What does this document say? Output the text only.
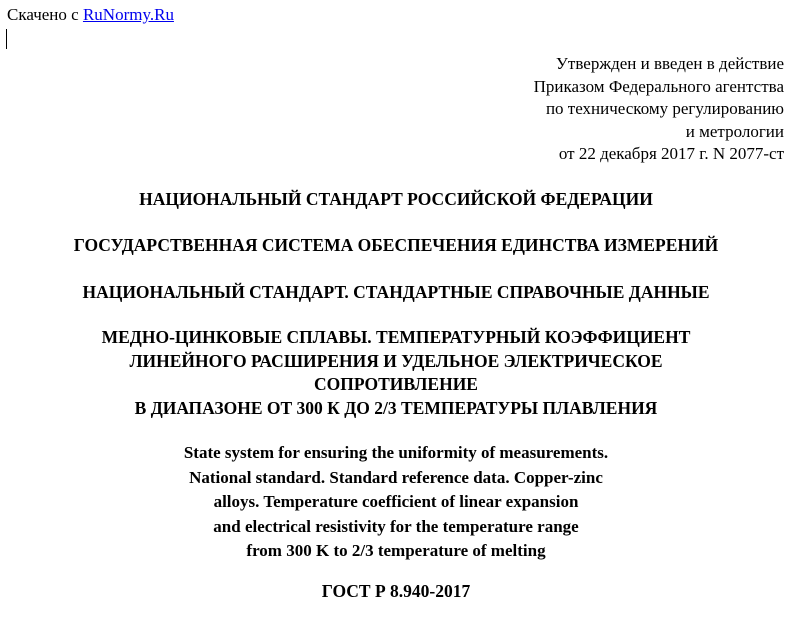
Скачено с RuNormy.Ru
Утвержден и введен в действие
Приказом Федерального агентства
по техническому регулированию
и метрологии
от 22 декабря 2017 г. N 2077-ст
НАЦИОНАЛЬНЫЙ СТАНДАРТ РОССИЙСКОЙ ФЕДЕРАЦИИ
ГОСУДАРСТВЕННАЯ СИСТЕМА ОБЕСПЕЧЕНИЯ ЕДИНСТВА ИЗМЕРЕНИЙ
НАЦИОНАЛЬНЫЙ СТАНДАРТ. СТАНДАРТНЫЕ СПРАВОЧНЫЕ ДАННЫЕ
МЕДНО-ЦИНКОВЫЕ СПЛАВЫ. ТЕМПЕРАТУРНЫЙ КОЭФФИЦИЕНТ
ЛИНЕЙНОГО РАСШИРЕНИЯ И УДЕЛЬНОЕ ЭЛЕКТРИЧЕСКОЕ
СОПРОТИВЛЕНИЕ
В ДИАПАЗОНЕ ОТ 300 К ДО 2/3 ТЕМПЕРАТУРЫ ПЛАВЛЕНИЯ
State system for ensuring the uniformity of measurements.
National standard. Standard reference data. Copper-zinc
alloys. Temperature coefficient of linear expansion
and electrical resistivity for the temperature range
from 300 K to 2/3 temperature of melting
ГОСТ Р 8.940-2017
